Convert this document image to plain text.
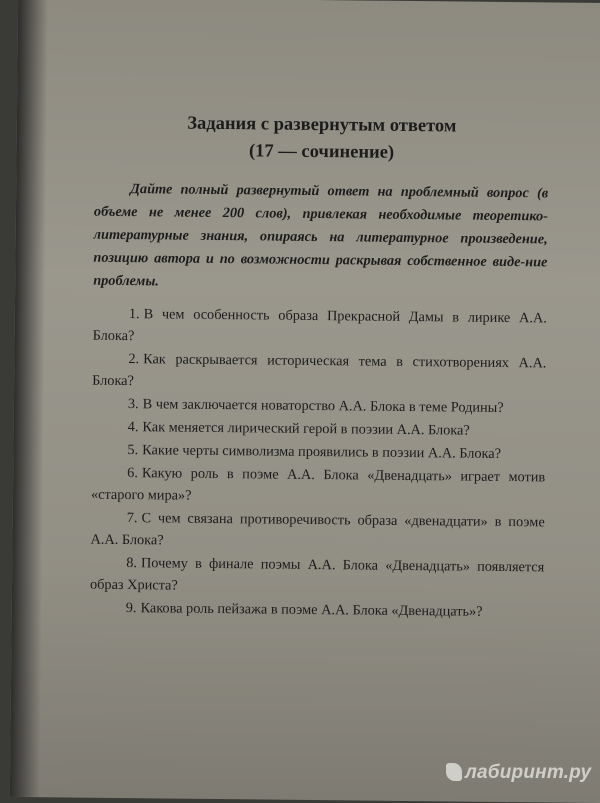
Задания с развернутым ответом
(17 — сочинение)

Дайте полный развернутый ответ на проблемный вопрос (в объеме не менее 200 слов), привлекая необходимые теоретико-литературные знания, опираясь на литературное произведение, позицию автора и по возможности раскрывая собственное виде-ние проблемы.

1. В чем особенность образа Прекрасной Дамы в лирике А.А. Блока?

2. Как раскрывается историческая тема в стихотворениях А.А. Блока?

3. В чем заключается новаторство А.А. Блока в теме Родины?

4. Как меняется лирический герой в поэзии А.А. Блока?

5. Какие черты символизма проявились в поэзии А.А. Блока?

6. Какую роль в поэме А.А. Блока «Двенадцать» играет мотив «старого мира»?

7. С чем связана противоречивость образа «двенадцати» в поэме А.А. Блока?

8. Почему в финале поэмы А.А. Блока «Двенадцать» появляется образ Христа?

9. Какова роль пейзажа в поэме А.А. Блока «Двенадцать»?

лабиринт.ру
